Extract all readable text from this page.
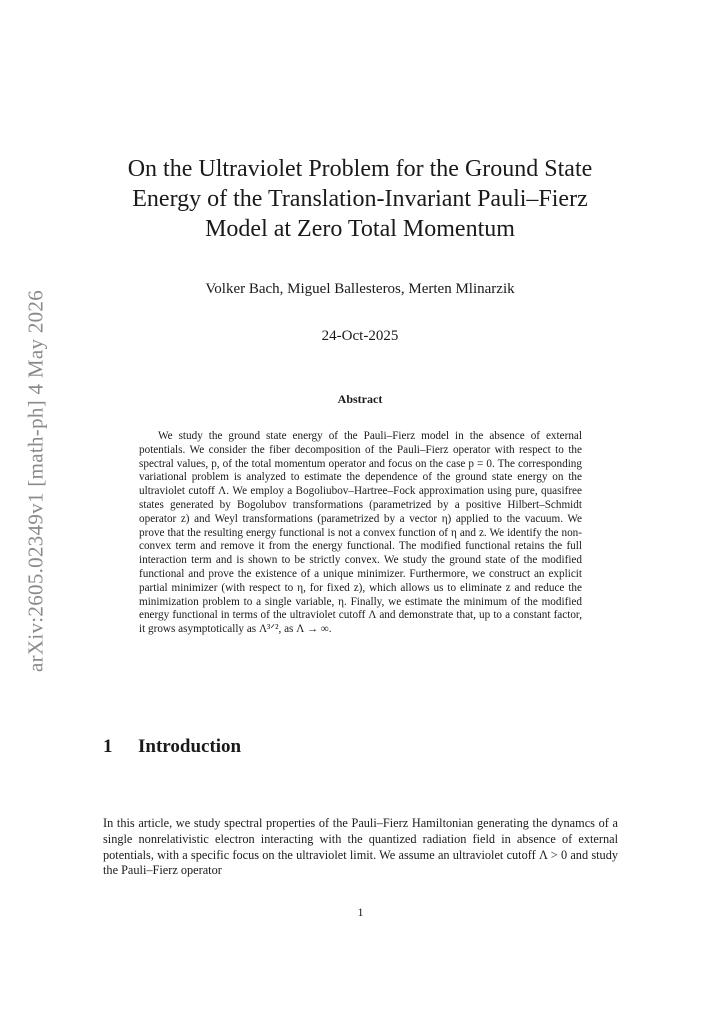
arXiv:2605.02349v1 [math-ph] 4 May 2026
On the Ultraviolet Problem for the Ground State
Energy of the Translation-Invariant Pauli–Fierz
Model at Zero Total Momentum
Volker Bach, Miguel Ballesteros, Merten Mlinarzik
24-Oct-2025
Abstract

We study the ground state energy of the Pauli–Fierz model in the absence of external potentials. We consider the fiber decomposition of the Pauli–Fierz operator with respect to the spectral values, p, of the total momentum operator and focus on the case p = 0. The corresponding variational problem is analyzed to estimate the dependence of the ground state energy on the ultraviolet cutoff Λ. We employ a Bogoliubov–Hartree–Fock approximation using pure, quasifree states generated by Bogolubov transformations (parametrized by a positive Hilbert–Schmidt operator z) and Weyl transformations (parametrized by a vector η) applied to the vacuum. We prove that the resulting energy functional is not a convex function of η and z. We identify the non-convex term and remove it from the energy functional. The modified functional retains the full interaction term and is shown to be strictly convex. We study the ground state of the modified functional and prove the existence of a unique minimizer. Furthermore, we construct an explicit partial minimizer (with respect to η, for fixed z), which allows us to eliminate z and reduce the minimization problem to a single variable, η. Finally, we estimate the minimum of the modified energy functional in terms of the ultraviolet cutoff Λ and demonstrate that, up to a constant factor, it grows asymptotically as Λ³ᐟ², as Λ → ∞.

1 Introduction

In this article, we study spectral properties of the Pauli–Fierz Hamiltonian generating the dynamcs of a single nonrelativistic electron interacting with the quantized radiation field in absence of external potentials, with a specific focus on the ultraviolet limit. We assume an ultraviolet cutoff Λ > 0 and study the Pauli–Fierz operator

1
